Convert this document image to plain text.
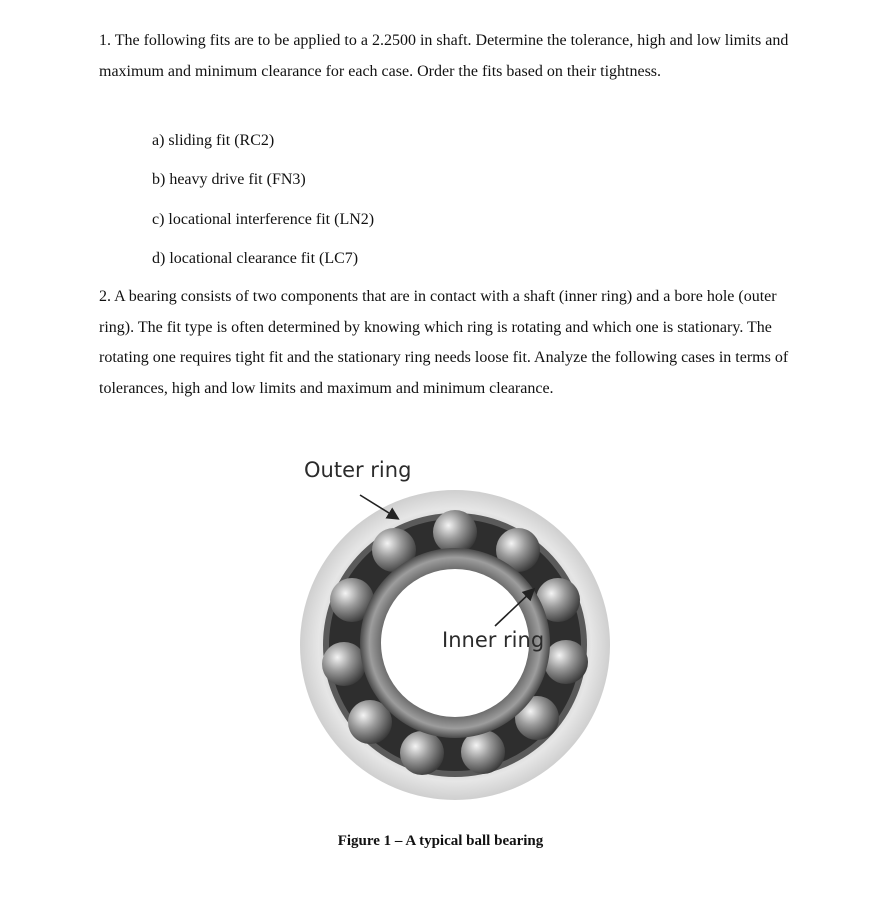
1. The following fits are to be applied to a 2.2500 in shaft. Determine the tolerance, high and low limits and maximum and minimum clearance for each case. Order the fits based on their tightness.
a) sliding fit (RC2)
b) heavy drive fit (FN3)
c) locational interference fit (LN2)
d) locational clearance fit (LC7)
2. A bearing consists of two components that are in contact with a shaft (inner ring) and a bore hole (outer ring). The fit type is often determined by knowing which ring is rotating and which one is stationary. The rotating one requires tight fit and the stationary ring needs loose fit. Analyze the following cases in terms of tolerances, high and low limits and maximum and minimum clearance.
Outer ring
Inner ring
Figure 1 – A typical ball bearing
